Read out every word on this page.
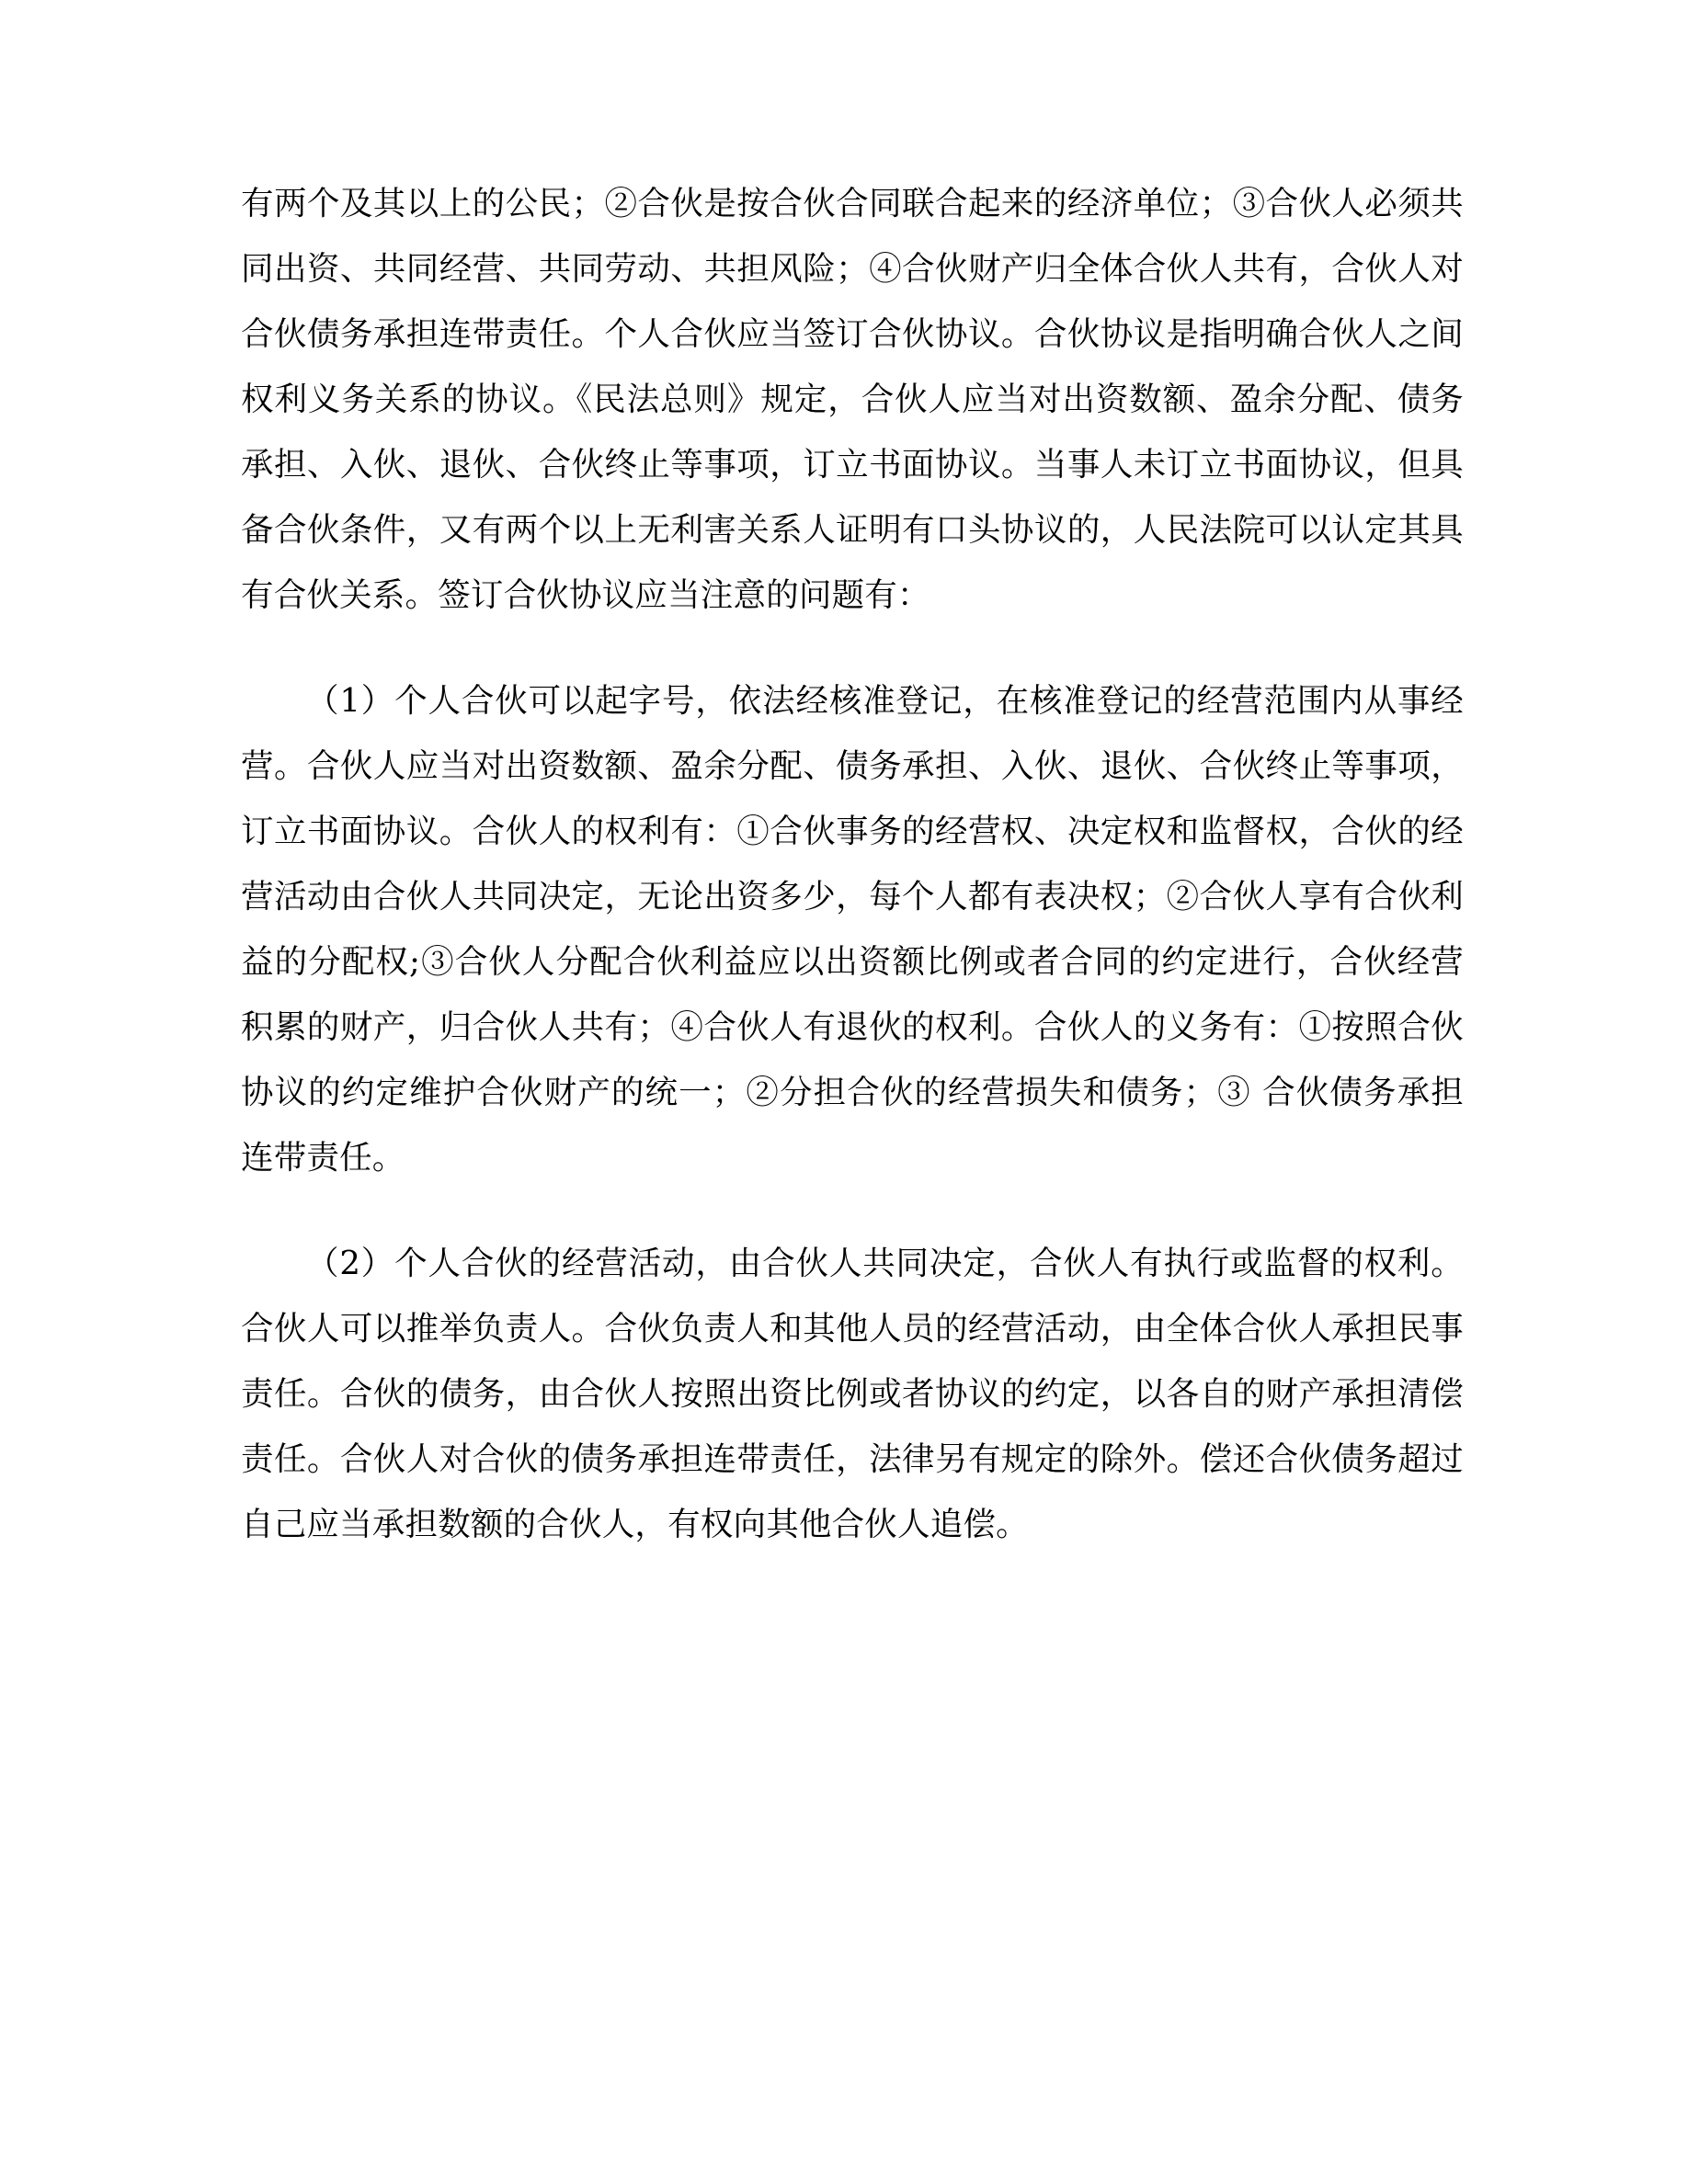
有两个及其以上的公民；②合伙是按合伙合同联合起来的经济单位；③合伙人必须共同出资、共同经营、共同劳动、共担风险；④合伙财产归全体合伙人共有，合伙人对合伙债务承担连带责任。个人合伙应当签订合伙协议。合伙协议是指明确合伙人之间权利义务关系的协议。《民法总则》规定，合伙人应当对出资数额、盈余分配、债务承担、入伙、退伙、合伙终止等事项，订立书面协议。当事人未订立书面协议，但具备合伙条件，又有两个以上无利害关系人证明有口头协议的，人民法院可以认定其具有合伙关系。签订合伙协议应当注意的问题有：

（1）个人合伙可以起字号，依法经核准登记，在核准登记的经营范围内从事经营。合伙人应当对出资数额、盈余分配、债务承担、入伙、退伙、合伙终止等事项，订立书面协议。合伙人的权利有：①合伙事务的经营权、决定权和监督权，合伙的经营活动由合伙人共同决定，无论出资多少，每个人都有表决权；②合伙人享有合伙利益的分配权;③合伙人分配合伙利益应以出资额比例或者合同的约定进行，合伙经营积累的财产，归合伙人共有；④合伙人有退伙的权利。合伙人的义务有：①按照合伙协议的约定维护合伙财产的统一；②分担合伙的经营损失和债务；③ 合伙债务承担连带责任。

（2）个人合伙的经营活动，由合伙人共同决定，合伙人有执行或监督的权利。合伙人可以推举负责人。合伙负责人和其他人员的经营活动，由全体合伙人承担民事责任。合伙的债务，由合伙人按照出资比例或者协议的约定，以各自的财产承担清偿责任。合伙人对合伙的债务承担连带责任，法律另有规定的除外。偿还合伙债务超过自己应当承担数额的合伙人，有权向其他合伙人追偿。
